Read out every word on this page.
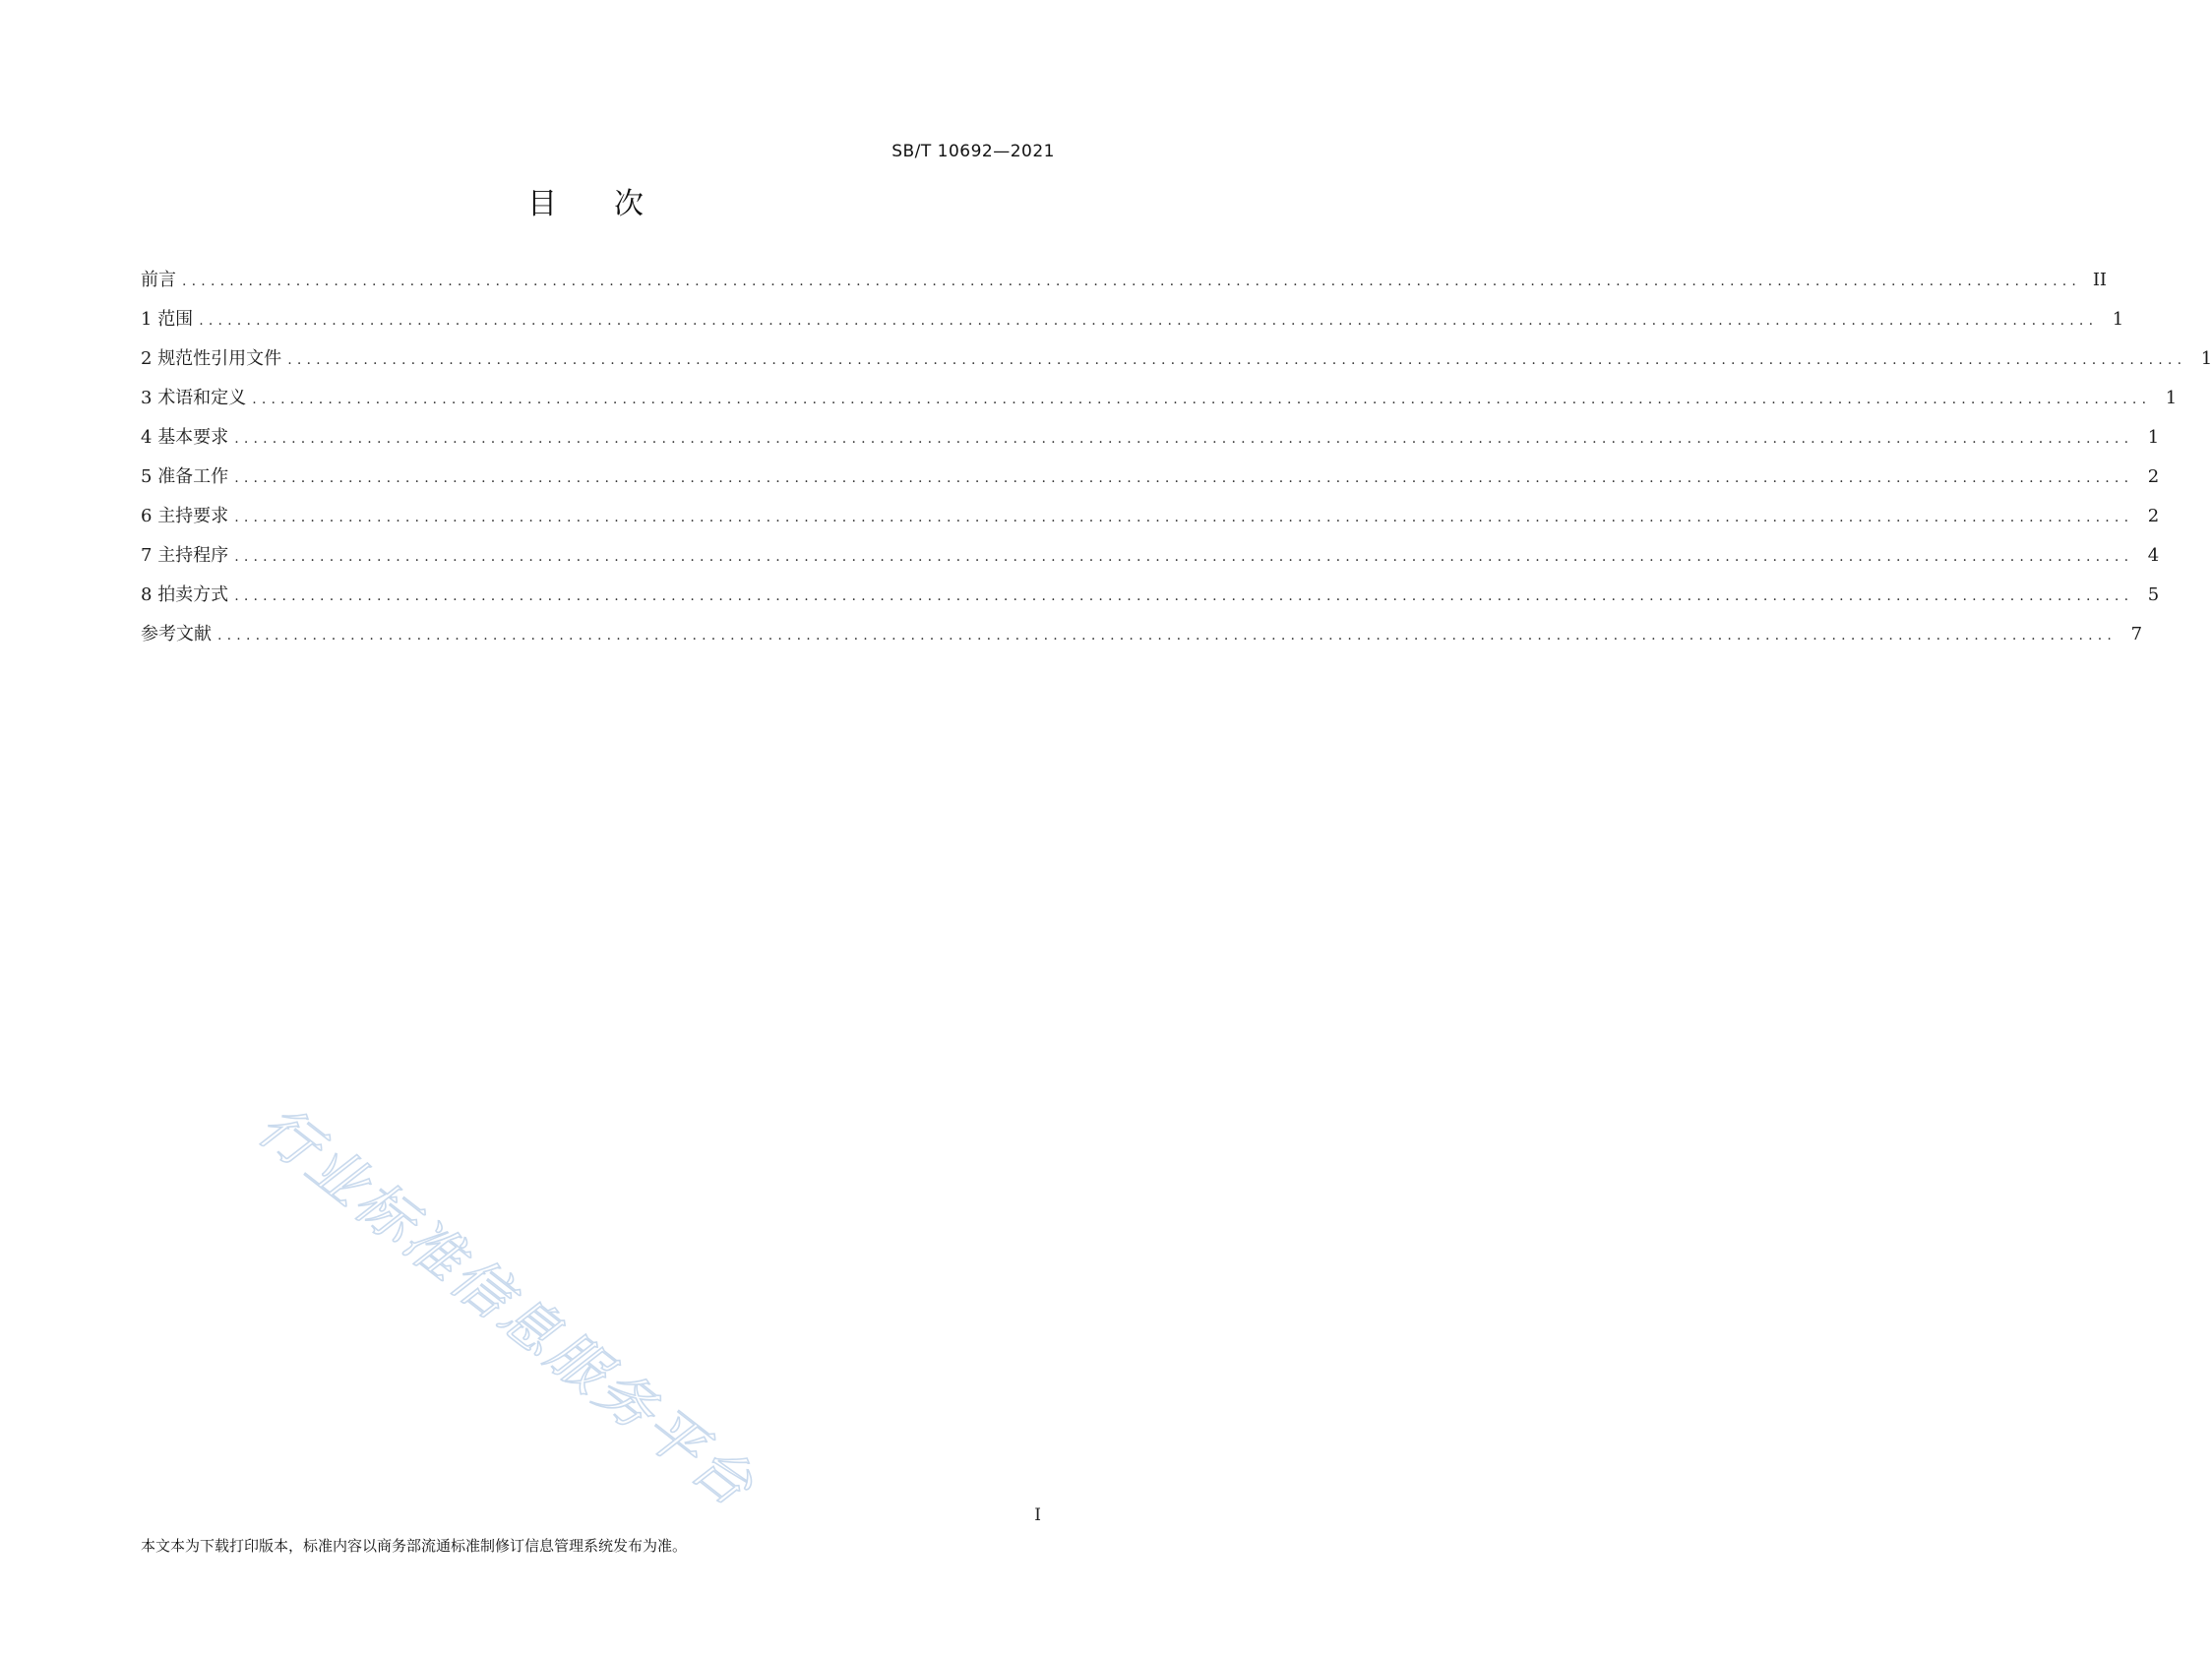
SB/T 10692—2021
目次
前言 ........................................................................................................................................................................................................ II
1 范围 ........................................................................................................................................................................................................ 1
2 规范性引用文件 ........................................................................................................................................................................................................ 1
3 术语和定义 ........................................................................................................................................................................................................ 1
4 基本要求 ........................................................................................................................................................................................................ 1
5 准备工作 ........................................................................................................................................................................................................ 2
6 主持要求 ........................................................................................................................................................................................................ 2
7 主持程序 ........................................................................................................................................................................................................ 4
8 拍卖方式 ........................................................................................................................................................................................................ 5
参考文献 ........................................................................................................................................................................................................ 7
行业标准信息服务平台	I
本文本为下载打印版本，标准内容以商务部流通标准制修订信息管理系统发布为准。
